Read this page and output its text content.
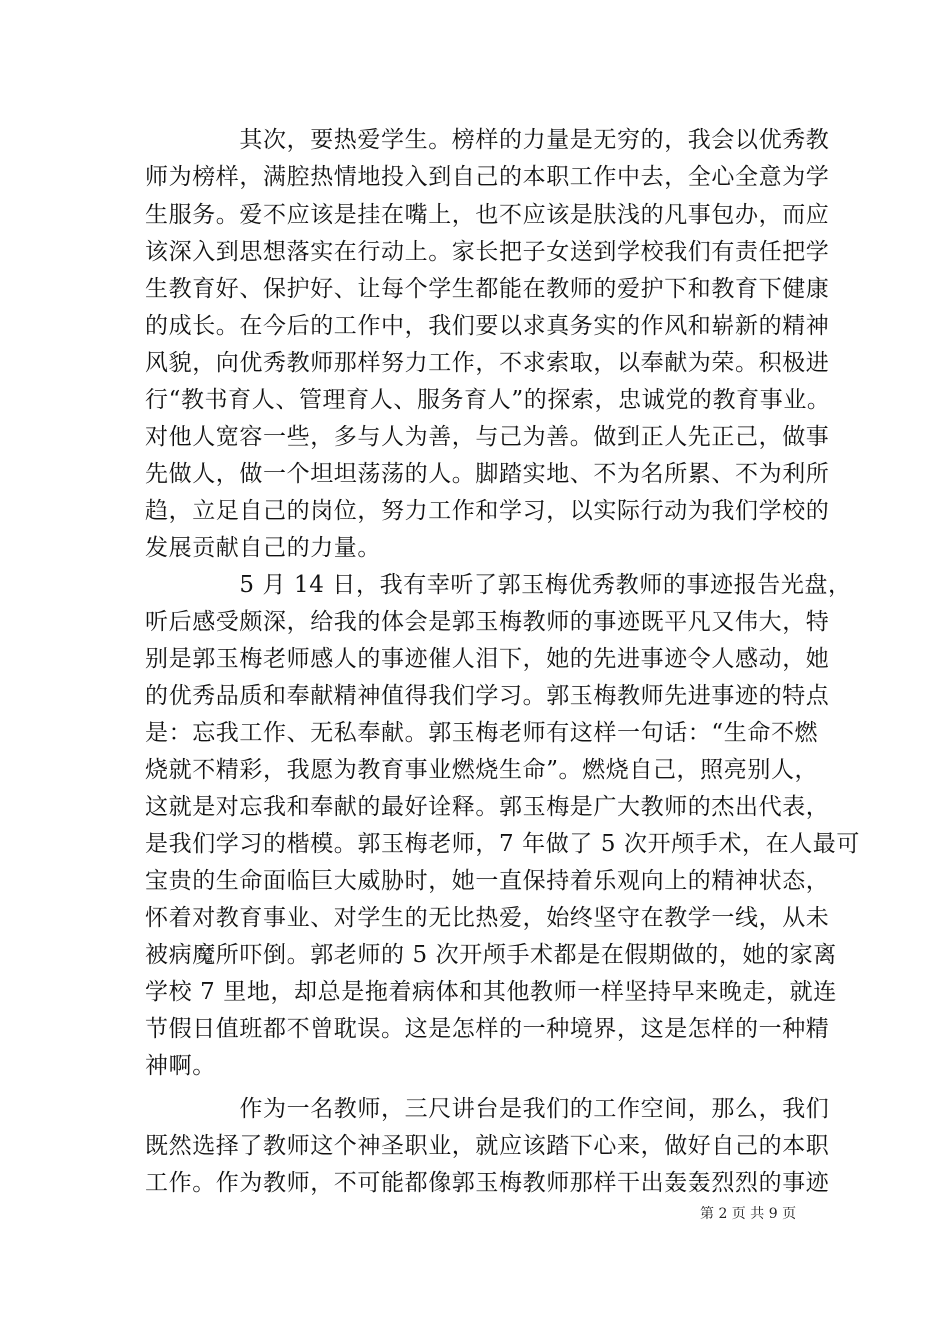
　　　　其次，要热爱学生。榜样的力量是无穷的，我会以优秀教
师为榜样，满腔热情地投入到自己的本职工作中去，全心全意为学
生服务。爱不应该是挂在嘴上，也不应该是肤浅的凡事包办，而应
该深入到思想落实在行动上。家长把子女送到学校我们有责任把学
生教育好、保护好、让每个学生都能在教师的爱护下和教育下健康
的成长。在今后的工作中，我们要以求真务实的作风和崭新的精神
风貌，向优秀教师那样努力工作，不求索取，以奉献为荣。积极进
行“教书育人、管理育人、服务育人”的探索，忠诚党的教育事业。
对他人宽容一些，多与人为善，与己为善。做到正人先正己，做事
先做人，做一个坦坦荡荡的人。脚踏实地、不为名所累、不为利所
趋，立足自己的岗位，努力工作和学习，以实际行动为我们学校的
发展贡献自己的力量。
　　　　5 月 14 日，我有幸听了郭玉梅优秀教师的事迹报告光盘，
听后感受颇深，给我的体会是郭玉梅教师的事迹既平凡又伟大，特
别是郭玉梅老师感人的事迹催人泪下，她的先进事迹令人感动，她
的优秀品质和奉献精神值得我们学习。郭玉梅教师先进事迹的特点
是：忘我工作、无私奉献。郭玉梅老师有这样一句话：“生命不燃
烧就不精彩，我愿为教育事业燃烧生命”。燃烧自己，照亮别人，
这就是对忘我和奉献的最好诠释。郭玉梅是广大教师的杰出代表，
是我们学习的楷模。郭玉梅老师，7 年做了 5 次开颅手术，在人最可
宝贵的生命面临巨大威胁时，她一直保持着乐观向上的精神状态，
怀着对教育事业、对学生的无比热爱，始终坚守在教学一线，从未
被病魔所吓倒。郭老师的 5 次开颅手术都是在假期做的，她的家离
学校 7 里地，却总是拖着病体和其他教师一样坚持早来晚走，就连
节假日值班都不曾耽误。这是怎样的一种境界，这是怎样的一种精
神啊。
　　　　作为一名教师，三尺讲台是我们的工作空间，那么，我们
既然选择了教师这个神圣职业，就应该踏下心来，做好自己的本职
工作。作为教师，不可能都像郭玉梅教师那样干出轰轰烈烈的事迹
第 2 页 共 9 页
